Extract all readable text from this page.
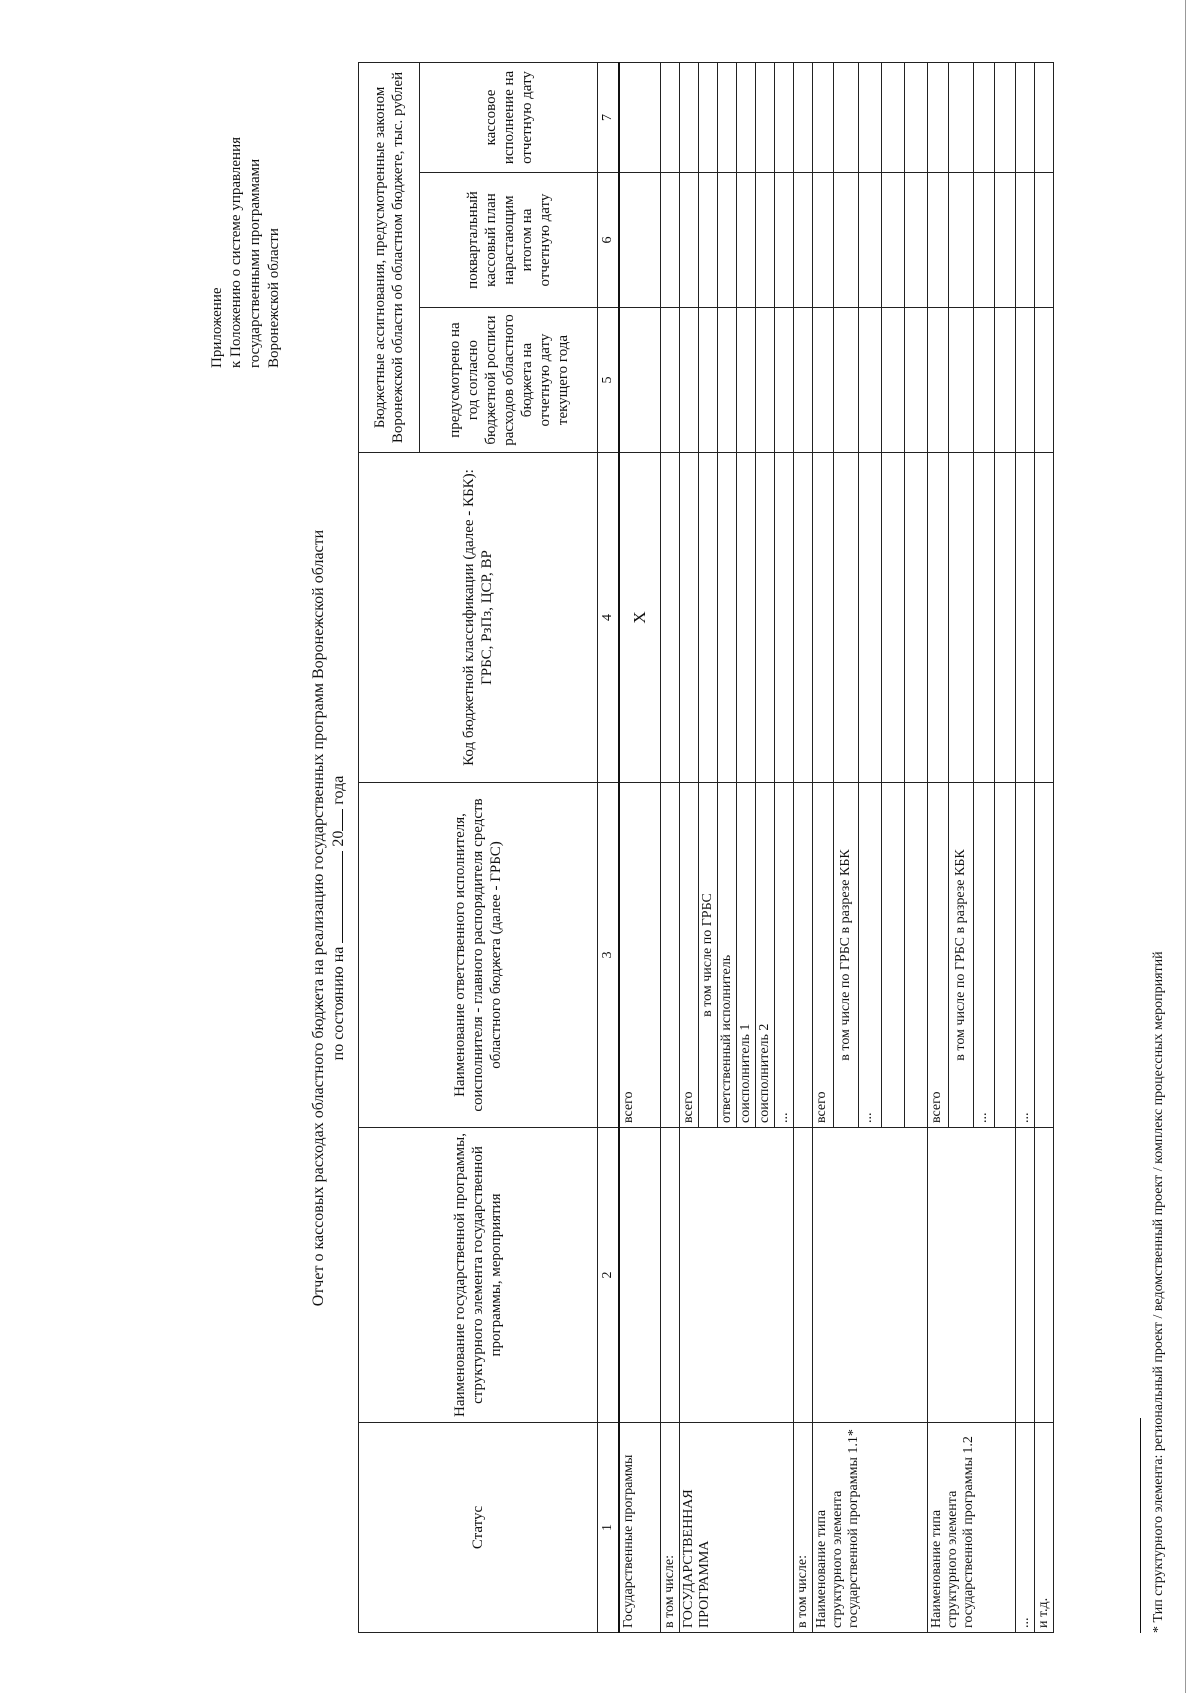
Приложение к Положению о системе управления государственными программами Воронежской области
Отчет о кассовых расходах областного бюджета на реализацию государственных программ Воронежской области по состоянию на  20 года
Статус	Наименование государственной программы, структурного элемента государственной программы, мероприятия	Наименование ответственного исполнителя, соисполнителя - главного распорядителя средств областного бюджета (далее - ГРБС)	Код бюджетной классификации (далее - КБК): ГРБС, РзПз, ЦСР, ВР	Бюджетные ассигнования, предусмотренные законом Воронежской области об областном бюджете, тыс. рублей		
				предусмотрено на год согласно бюджетной росписи расходов областного бюджета на отчетную дату текущего года	поквартальный кассовый план нарастающим итогом на отчетную дату	кассовое исполнение на отчетную дату
1	2	3	4	5	6	7
Государственные программы		всего	X			
в том числе:						
ГОСУДАРСТВЕННАЯ ПРОГРАММА		всего				
		в том числе по ГРБС				
		ответственный исполнитель				
		соисполнитель 1				
		соисполнитель 2				
		...				
в том числе:						
Наименование типа структурного элемента государственной программы 1.1*		всего				
		в том числе по ГРБС в разрезе КБК				
		...				

Наименование типа структурного элемента государственной программы 1.2		всего				
		в том числе по ГРБС в разрезе КБК				
		...				

...		...				
и т.д.							* Тип структурного элемента: региональный проект / ведомственный проект / комплекс процессных мероприятий
